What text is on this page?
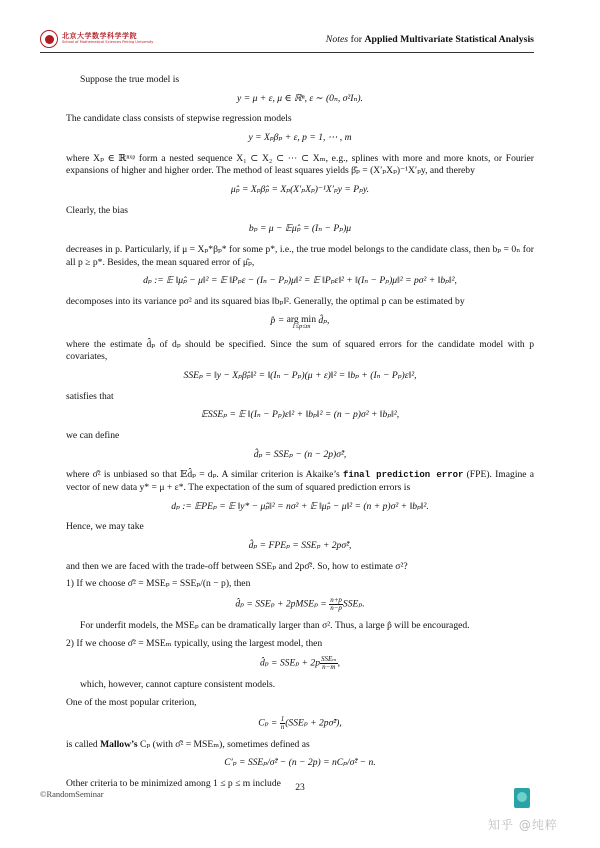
北京大学数学科学学院
School of Mathematical Sciences Peking University	Notes for Applied Multivariate Statistical Analysis

Suppose the true model is

y = μ + ε, μ ∈ ℝⁿ, ε ∼ (0ₙ, σ²Iₙ).

The candidate class consists of stepwise regression models

y = Xₚβₚ + ε, p = 1, ⋯ , m

where Xₚ ∈ ℝⁿˣᵖ form a nested sequence X₁ ⊂ X₂ ⊂ ⋯ ⊂ Xₘ, e.g., splines with more and more knots, or Fourier expansions of higher and higher order. The method of least squares yields β̂ₚ = (X′ₚXₚ)⁻¹X′ₚy, and thereby

μ̂ₚ = Xₚβ̂ₚ = Xₚ(X′ₚXₚ)⁻¹X′ₚy = Pₚy.

Clearly, the bias

bₚ = μ − 𝔼μ̂ₚ = (Iₙ − Pₚ)μ

decreases in p. Particularly, if μ = Xₚ*βₚ* for some p*, i.e., the true model belongs to the candidate class, then bₚ = 0ₙ for all p ≥ p*. Besides, the mean squared error of μ̂ₚ,

dₚ := 𝔼 ‖μ̂ₚ − μ‖² = 𝔼 ‖Pₚε − (Iₙ − Pₚ)μ‖² = 𝔼 ‖Pₚε‖² + ‖(Iₙ − Pₚ)μ‖² = pσ² + ‖bₚ‖²,

decomposes into its variance pσ² and its squared bias ‖bₚ‖². Generally, the optimal p can be estimated by

p̂ = arg min
1≤p≤m
d̂ₚ,

where the estimate d̂ₚ of dₚ should be specified. Since the sum of squared errors for the candidate model with p covariates,

SSEₚ = ‖y − Xₚβ̂ₚ‖² = ‖(Iₙ − Pₚ)(μ + ε)‖² = ‖bₚ + (Iₙ − Pₚ)ε‖²,

satisfies that

𝔼SSEₚ = 𝔼 ‖(Iₙ − Pₚ)ε‖² + ‖bₚ‖² = (n − p)σ² + ‖bₚ‖²,

we can define

d̂ₚ = SSEₚ − (n − 2p)σ̂²,

where σ̂² is unbiased so that 𝔼d̂ₚ = dₚ. A similar criterion is Akaike’s final prediction error (FPE). Imagine a vector of new data y* = μ + ε*. The expectation of the sum of squared prediction errors is

dₚ := 𝔼PEₚ = 𝔼 ‖y* − μ̂ₚ‖² = nσ² + 𝔼 ‖μ̂ₚ − μ‖² = (n + p)σ² + ‖bₚ‖².

Hence, we may take

d̂ₚ = FPEₚ = SSEₚ + 2pσ̂²,

and then we are faced with the trade-off between SSEₚ and 2pσ̂². So, how to estimate σ²?

1) If we choose σ̂² = MSEₚ = SSEₚ/(n − p), then

d̂ₚ = SSEₚ + 2pMSEₚ = $\frac{n+p}{n-p} SSE_p$.

For underfit models, the MSEₚ can be dramatically larger than σ². Thus, a large p̂ will be encouraged.

2) If we choose σ̂² = MSEₘ typically, using the largest model, then

d̂ₚ = $SSE_p + 2p \frac{\text{SSEₘ}}{n-m}$ ,

which, however, cannot capture consistent models.

One of the most popular criterion,

$C_p = \frac{1}{n} (SSE_p$ + 2pσ̂²),

is called Mallow’s Cₚ (with σ̂² = MSEₘ), sometimes defined as

C′ₚ = SSEₚ/σ̂² − (n − 2p) = nCₚ/σ̂² − n.

Other criteria to be minimized among 1 ≤ p ≤ m include	23
©RandomSeminar
知乎 @纯粹
